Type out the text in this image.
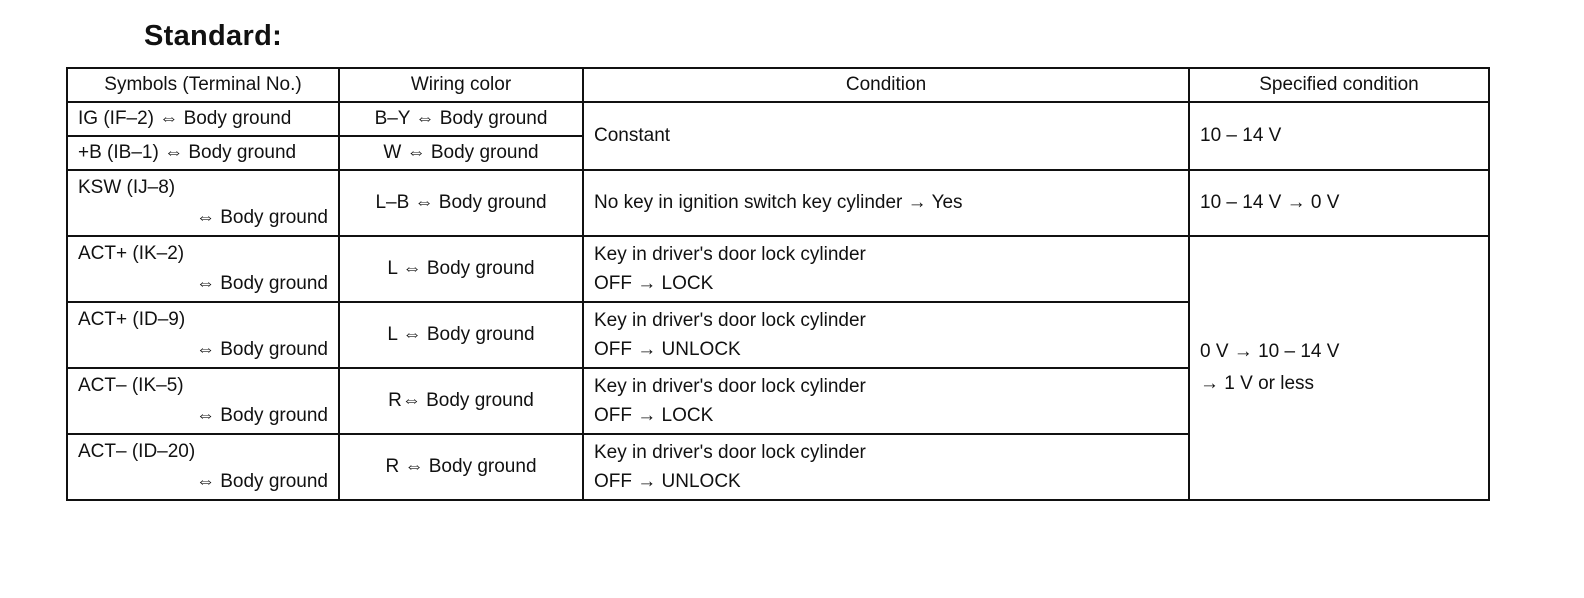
Standard:
Symbols (Terminal No.)	Wiring color	Condition	Specified condition
IG (IF–2) ⇔ Body ground	B–Y ⇔ Body ground	Constant	10 – 14 V
+B (IB–1) ⇔ Body ground	W ⇔ Body ground		

KSW (IJ–8)
⇔ Body ground	L–B ⇔ Body ground	No key in ignition switch key cylinder → Yes	10 – 14 V → 0 V

ACT+ (IK–2)
⇔ Body ground	L ⇔ Body ground	Key in driver's door lock cylinder
OFF → LOCK	0 V → 10 – 14 V
→ 1 V or less

ACT+ (ID–9)
⇔ Body ground	L ⇔ Body ground	Key in driver's door lock cylinder
OFF → UNLOCK	

ACT– (IK–5)
⇔ Body ground	R⇔ Body ground	Key in driver's door lock cylinder
OFF → LOCK	

ACT– (ID–20)
⇔ Body ground	R ⇔ Body ground	Key in driver's door lock cylinder
OFF → UNLOCK	
